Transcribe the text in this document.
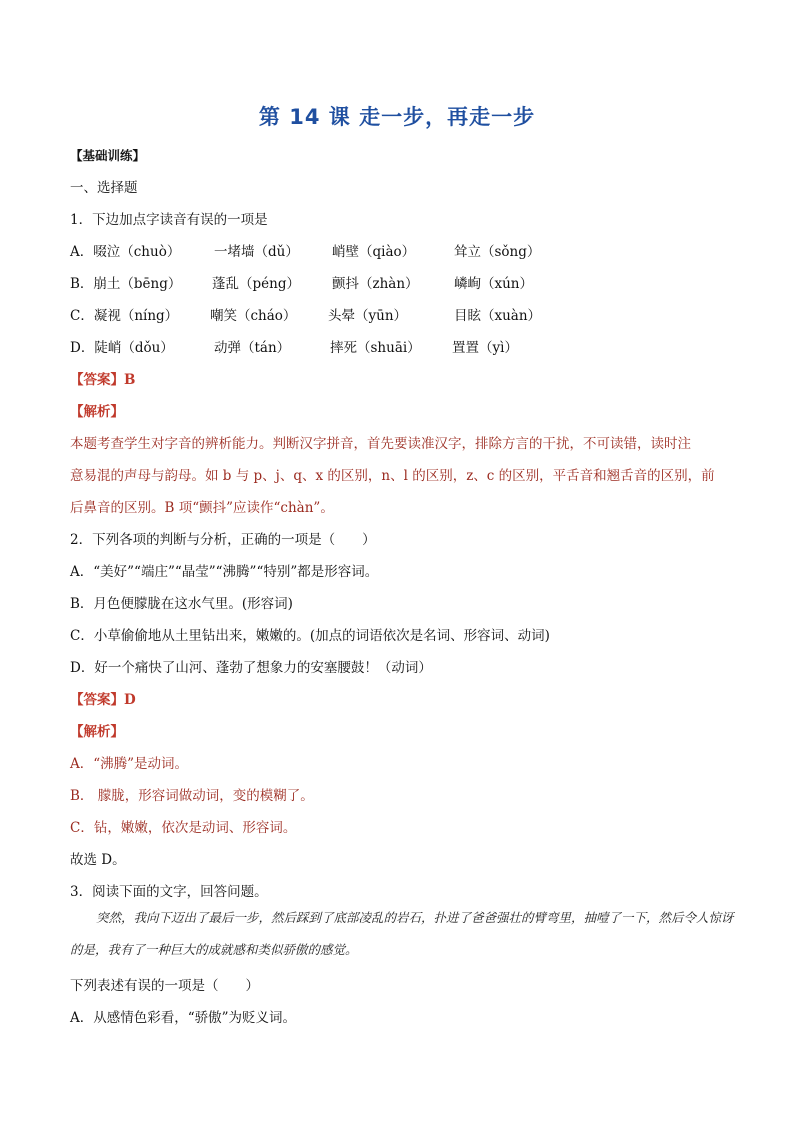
第 14 课 走一步，再走一步
【基础训练】
一、选择题
1．下边加点字读音有误的一项是
A．啜泣（chuò） 一堵墙（dǔ） 峭壁（qiào）	耸立（sǒng）
B．崩土（bēng） 蓬乱（péng） 颤抖（zhàn）	嶙峋（xún）
C．凝视（níng） 嘲笑（cháo） 头晕（yūn）	目眩（xuàn）
D．陡峭（dǒu）	动弹（tán）	摔死（shuāi） 置置（yì）
【答案】B
【解析】
本题考查学生对字音的辨析能力。判断汉字拼音，首先要读准汉字，排除方言的干扰，不可读错，读时注
意易混的声母与韵母。如 b 与 p、j、q、x 的区别，n、l 的区别，z、c 的区别，平舌音和翘舌音的区别，前
后鼻音的区别。B 项“颤抖”应读作“chàn”。
2．下列各项的判断与分析，正确的一项是（　　）
A．“美好”“端庄”“晶莹”“沸腾”“特别”都是形容词。
B．月色便朦胧在这水气里。(形容词)
C．小草偷偷地从土里钻出来，嫩嫩的。(加点的词语依次是名词、形容词、动词)
D．好一个痛快了山河、蓬勃了想象力的安塞腰鼓！（动词）
【答案】D
【解析】
A．“沸腾”是动词。
B． 朦胧，形容词做动词，变的模糊了。
C．钻，嫩嫩，依次是动词、形容词。
故选 D。
3．阅读下面的文字，回答问题。
突然，我向下迈出了最后一步，然后踩到了底部凌乱的岩石，扑进了爸爸强壮的臂弯里，抽噎了一下，然后令人惊讶的是，我有了一种巨大的成就感和类似骄傲的感觉。
下列表述有误的一项是（　　）
A．从感情色彩看，“骄傲”为贬义词。
